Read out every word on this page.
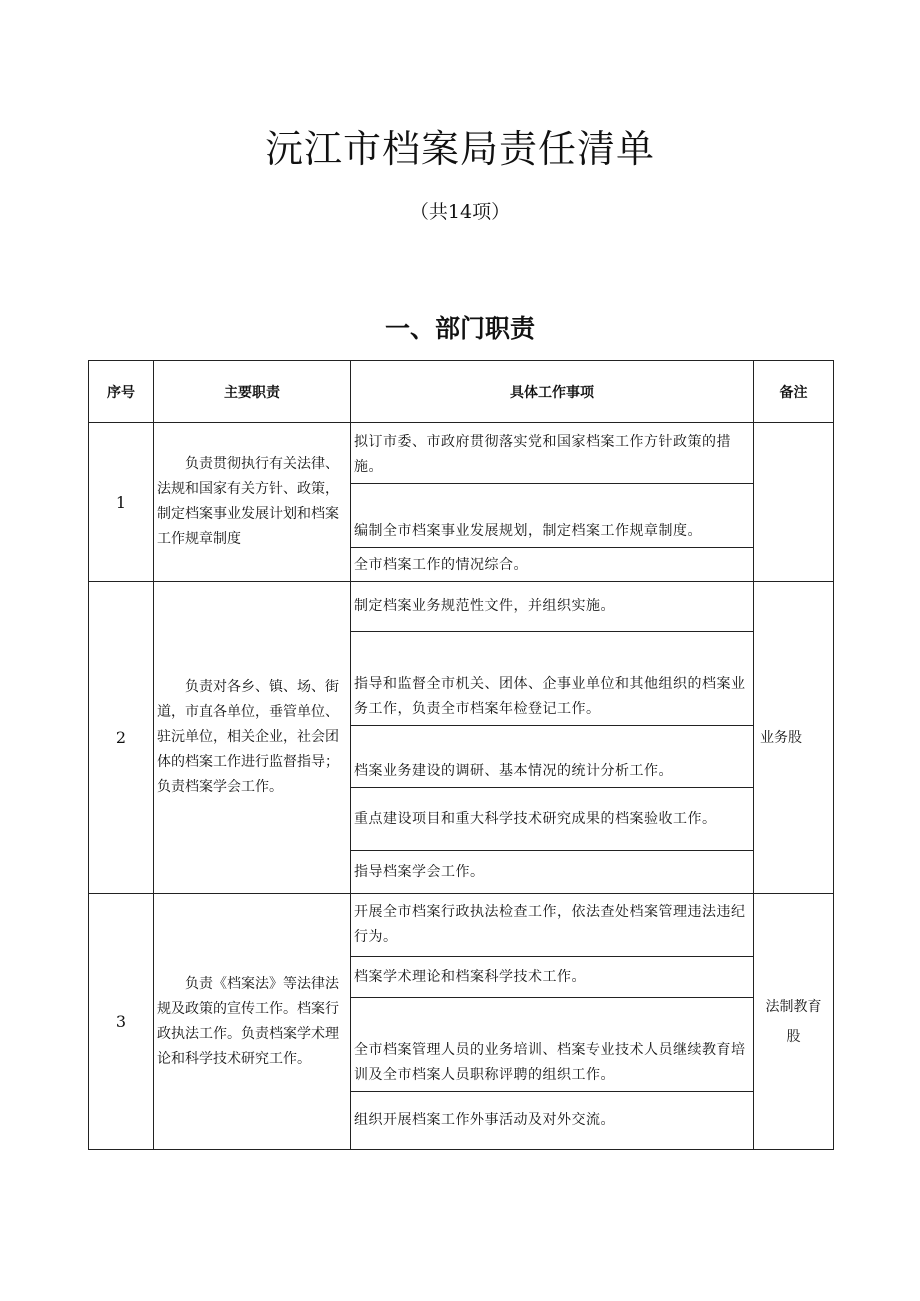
沅江市档案局责任清单
（共14项）
一、部门职责
序号	主要职责	具体工作事项	备注
1	负责贯彻执行有关法律、法规和国家有关方针、政策，制定档案事业发展计划和档案工作规章制度	拟订市委、市政府贯彻落实党和国家档案工作方针政策的措施。	
		编制全市档案事业发展规划，制定档案工作规章制度。	
		全市档案工作的情况综合。	
2	负责对各乡、镇、场、街道，市直各单位，垂管单位、驻沅单位，相关企业，社会团体的档案工作进行监督指导；负责档案学会工作。	制定档案业务规范性文件，并组织实施。	业务股
		指导和监督全市机关、团体、企事业单位和其他组织的档案业务工作，负责全市档案年检登记工作。	
		档案业务建设的调研、基本情况的统计分析工作。	
		重点建设项目和重大科学技术研究成果的档案验收工作。	
		指导档案学会工作。	
3	负责《档案法》等法律法规及政策的宣传工作。档案行政执法工作。负责档案学术理论和科学技术研究工作。	开展全市档案行政执法检查工作，依法查处档案管理违法违纪行为。	法制教育股
		档案学术理论和档案科学技术工作。	
		全市档案管理人员的业务培训、档案专业技术人员继续教育培训及全市档案人员职称评聘的组织工作。	
		组织开展档案工作外事活动及对外交流。	
